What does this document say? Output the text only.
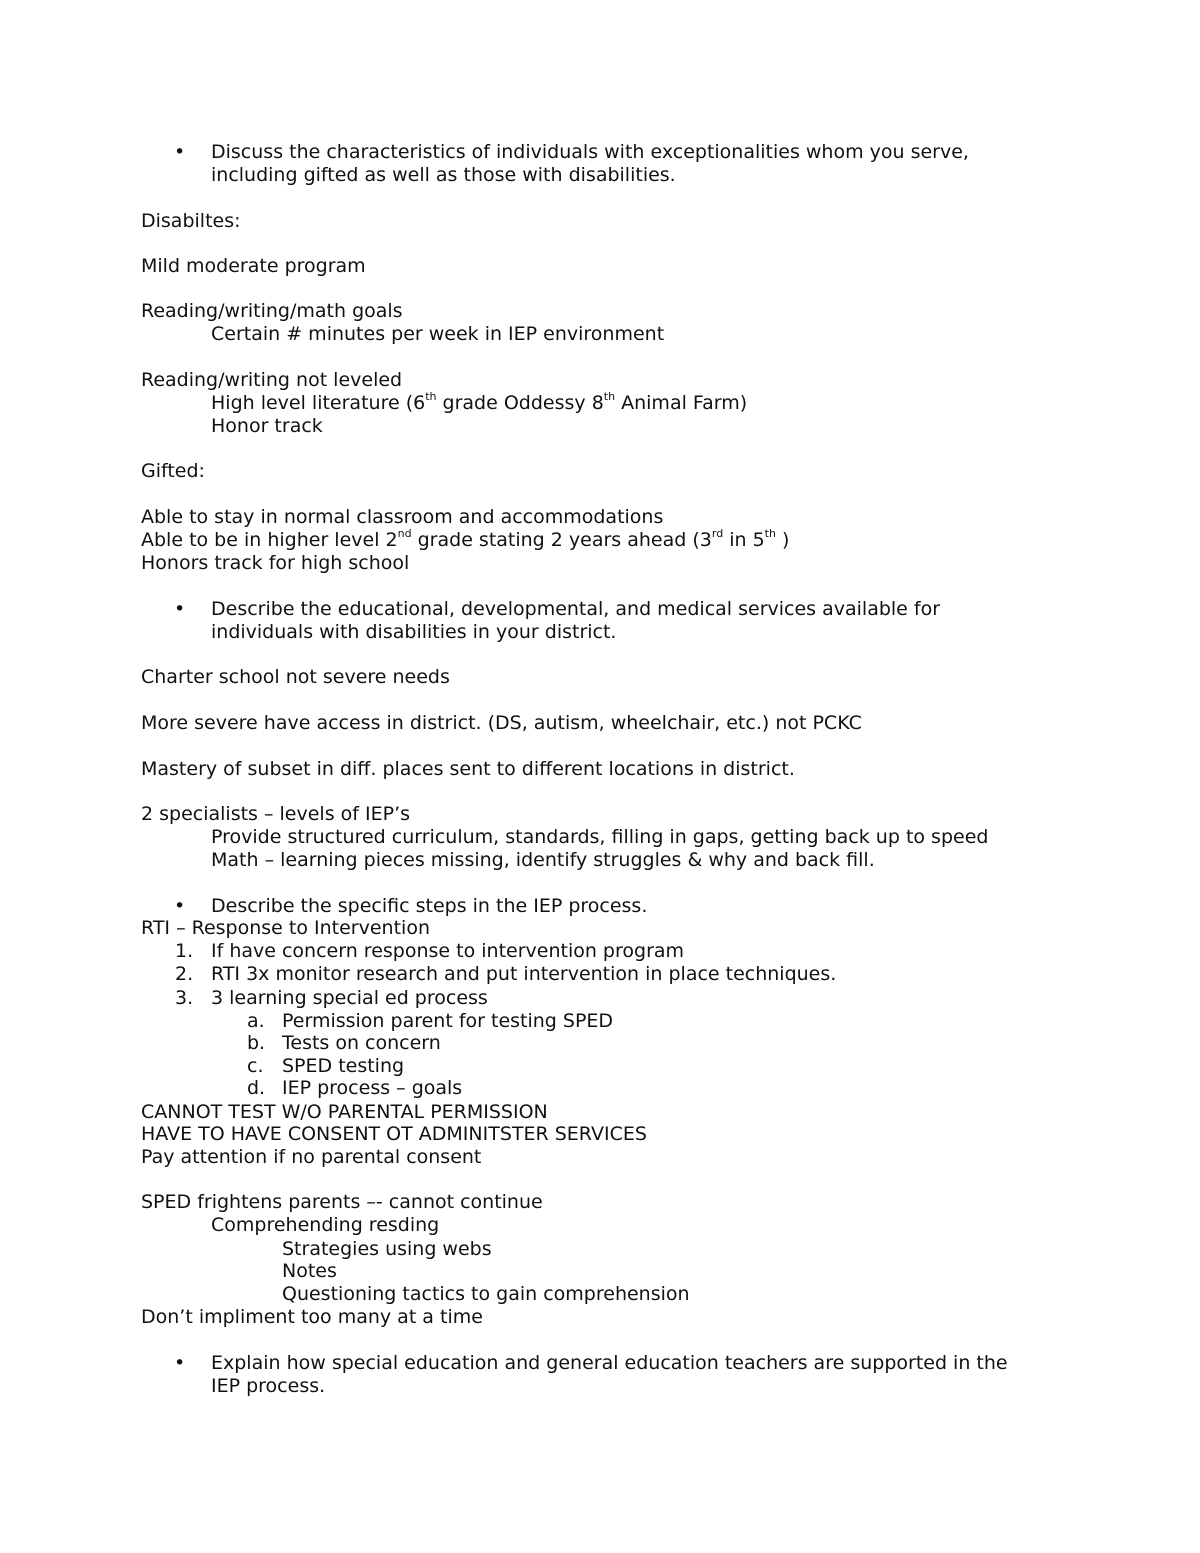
• Discuss the characteristics of individuals with exceptionalities whom you serve,
including gifted as well as those with disabilities.
Disabiltes:
Mild moderate program
Reading/writing/math goals
Certain # minutes per week in IEP environment
Reading/writing not leveled
High level literature (6th grade Oddessy 8th Animal Farm)
Honor track
Gifted:
Able to stay in normal classroom and accommodations
Able to be in higher level 2nd grade stating 2 years ahead (3rd in 5th )
Honors track for high school
• Describe the educational, developmental, and medical services available for
individuals with disabilities in your district.
Charter school not severe needs
More severe have access in district. (DS, autism, wheelchair, etc.) not PCKC
Mastery of subset in diff. places sent to different locations in district.
2 specialists – levels of IEP’s
Provide structured curriculum, standards, filling in gaps, getting back up to speed
Math – learning pieces missing, identify struggles & why and back fill.
• Describe the specific steps in the IEP process.
RTI – Response to Intervention
1. If have concern response to intervention program
2. RTI 3x monitor research and put intervention in place techniques.
3. 3 learning special ed process
a. Permission parent for testing SPED
b. Tests on concern
c. SPED testing
d. IEP process – goals
CANNOT TEST W/O PARENTAL PERMISSION
HAVE TO HAVE CONSENT OT ADMINITSTER SERVICES
Pay attention if no parental consent
SPED frightens parents –- cannot continue
Comprehending resding
Strategies using webs
Notes
Questioning tactics to gain comprehension
Don’t impliment too many at a time
• Explain how special education and general education teachers are supported in the
IEP process.
